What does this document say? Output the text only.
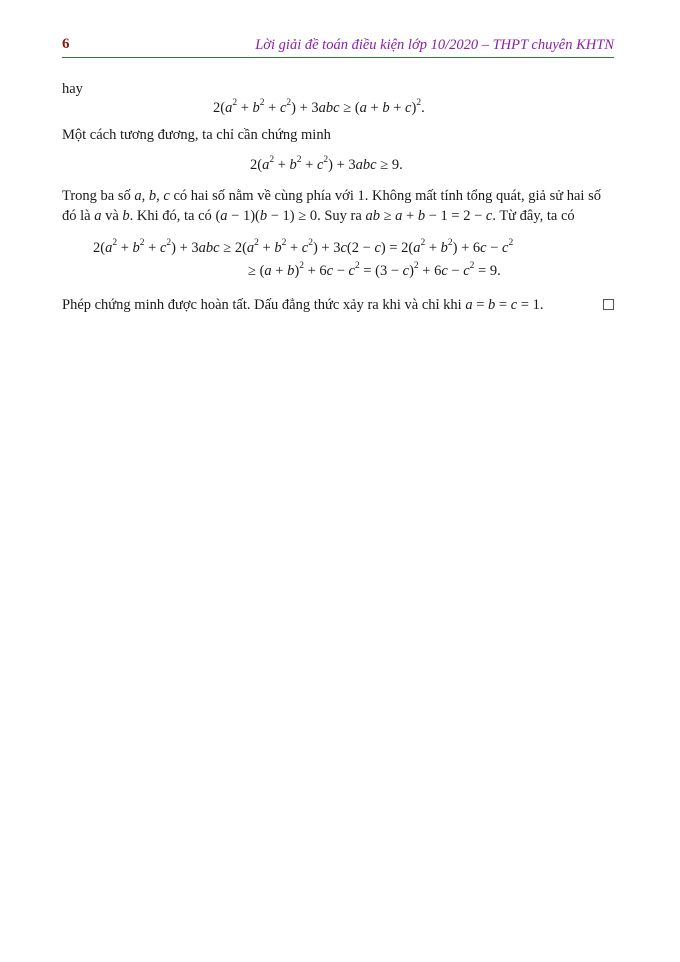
6	Lời giải đề toán điều kiện lớp 10/2020 – THPT chuyên KHTN
hay
$2(a^2 + b^2 + c^2) + 3abc \ge (a + b + c)^2$.
Một cách tương đương, ta chỉ cần chứng minh
$2(a^2 + b^2 + c^2) + 3abc \ge 9$.
Trong ba số a, b, c có hai số nằm về cùng phía với 1. Không mất tính tổng quát, giả sử hai số
đó là a và b. Khi đó, ta có (a − 1)(b − 1) ≥ 0. Suy ra ab ≥ a + b − 1 = 2 − c. Từ đây, ta có
$2(a^2 + b^2 + c^2) + 3abc \ge 2(a^2 + b^2 + c^2) + 3c(2 - c) = 2(a^2 + b^2) + 6c - c^2$
≥ $(a + b)^2 + 6c - c^2 = (3 - c)^2 + 6c - c^2 = 9$.
Phép chứng minh được hoàn tất. Dấu đẳng thức xảy ra khi và chỉ khi a = b = c = 1.
